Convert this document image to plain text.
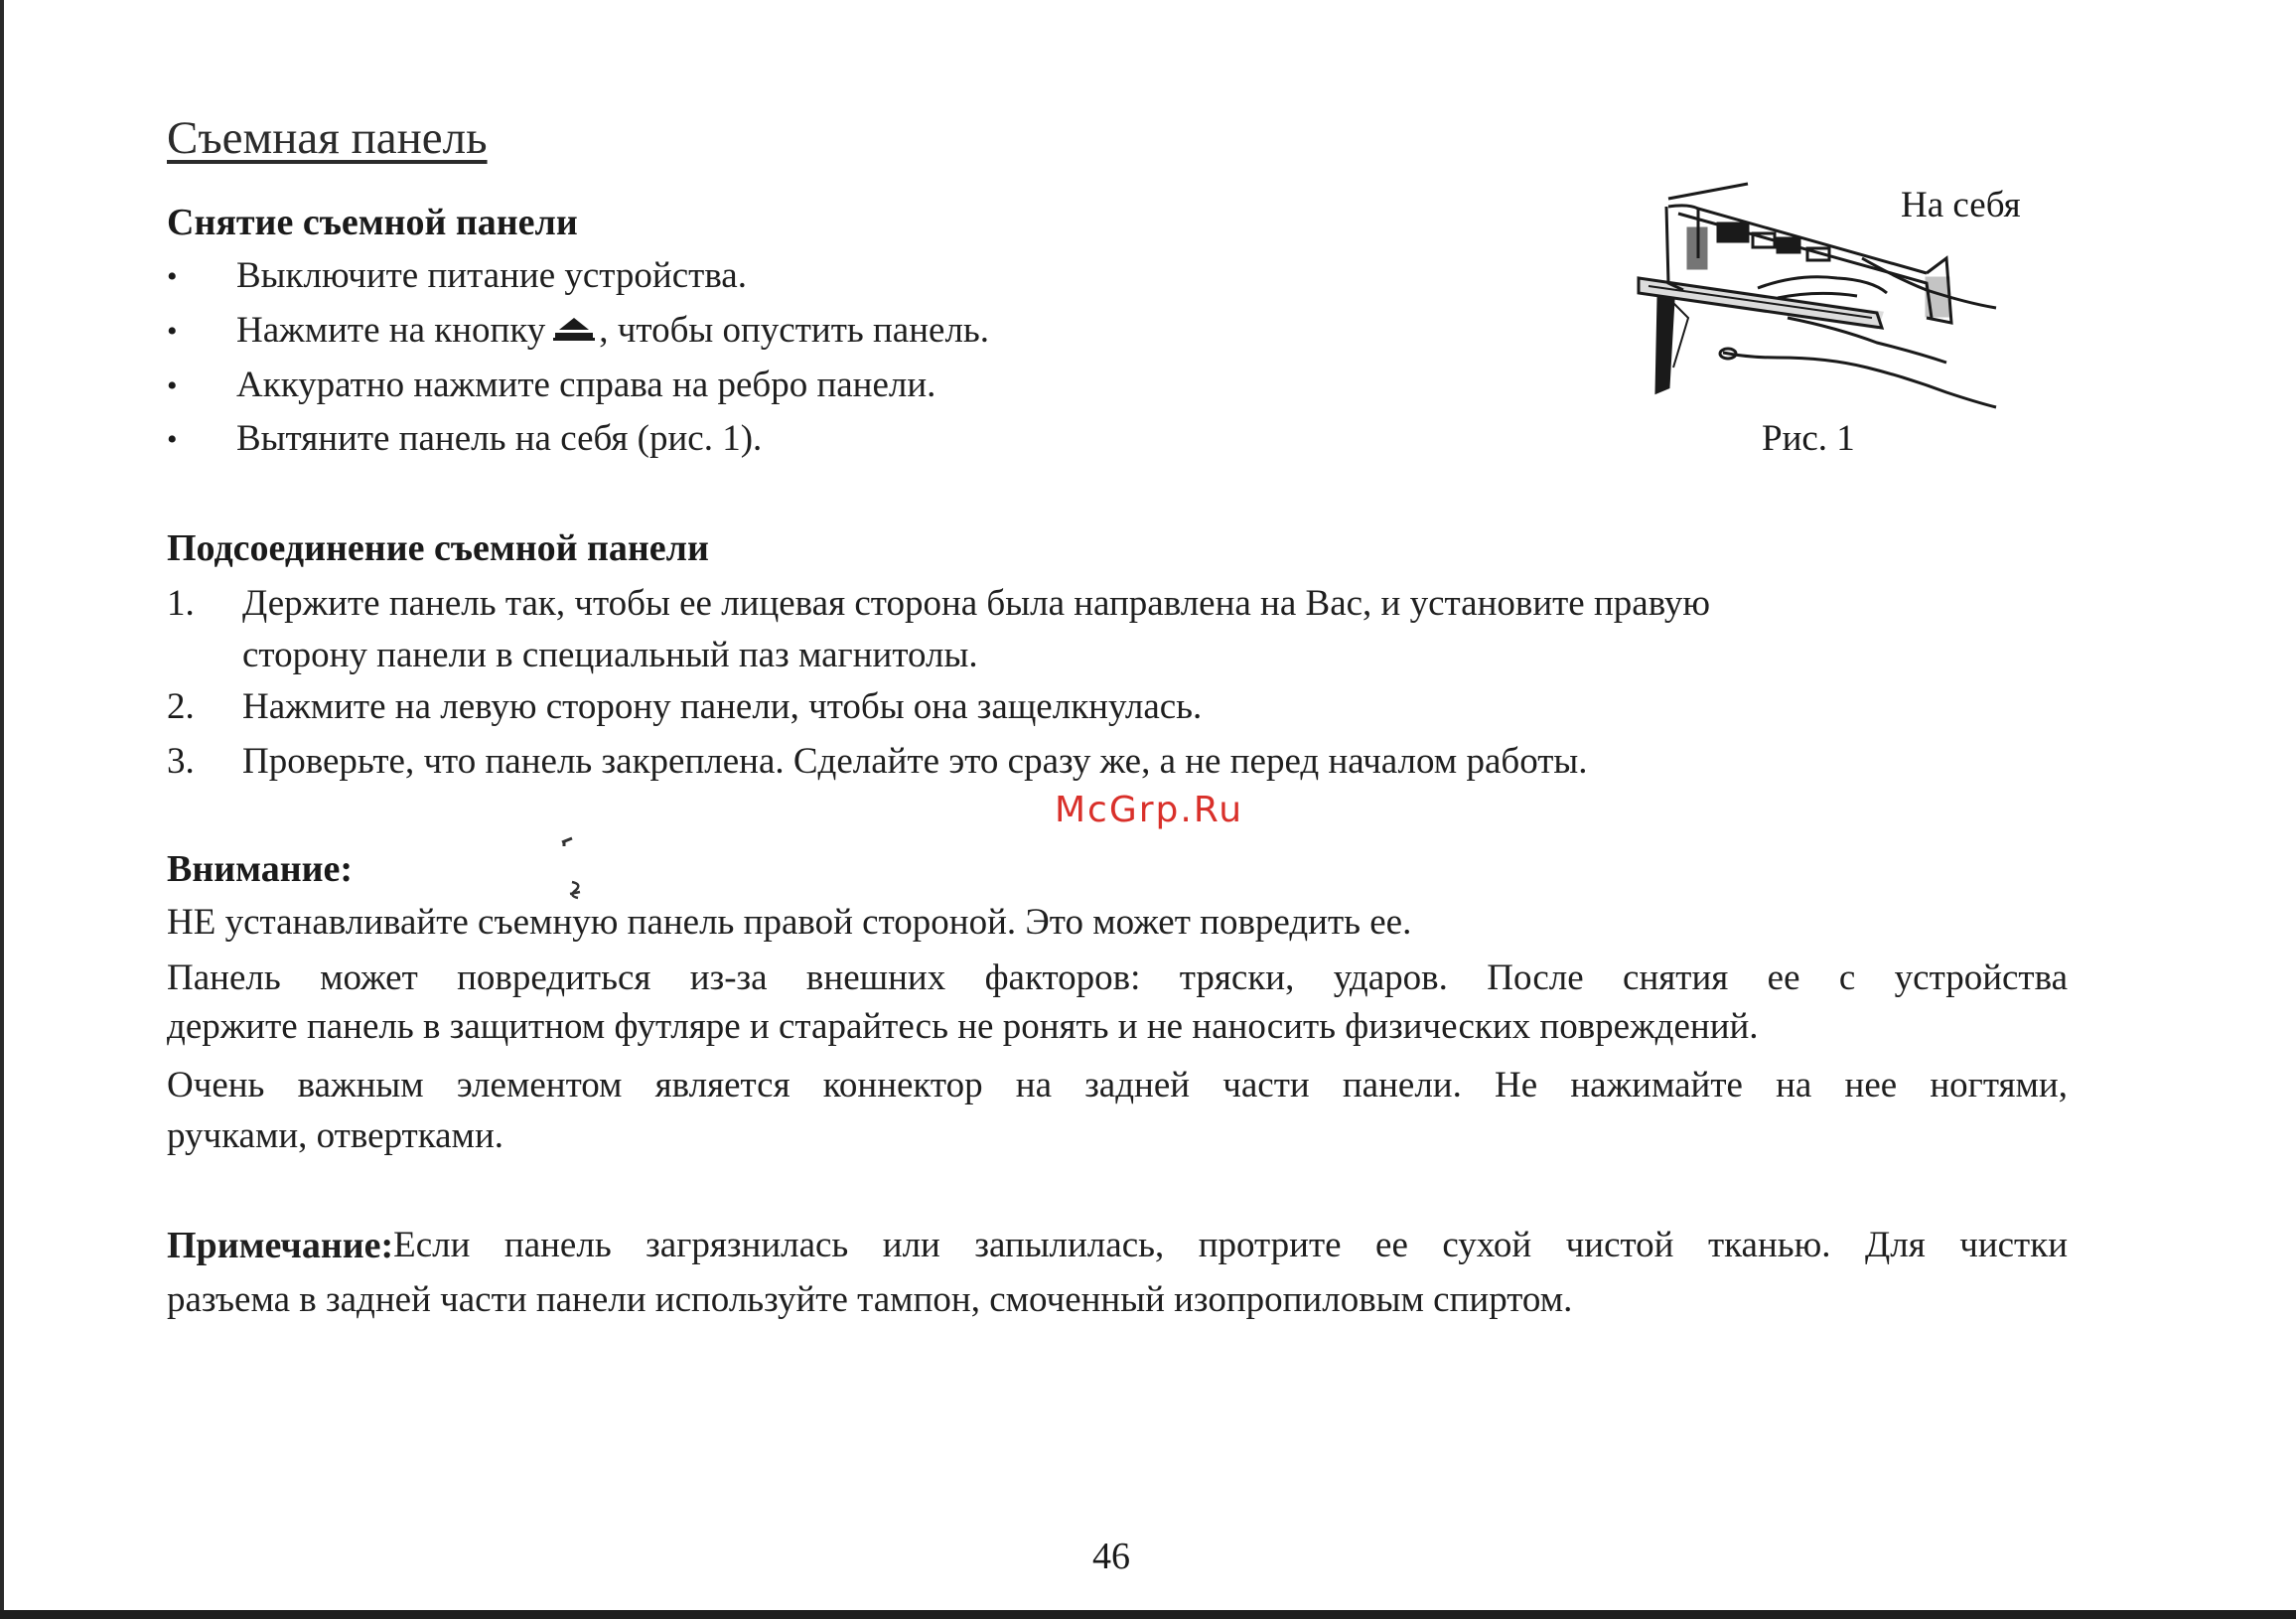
Съемная панель
Снятие съемной панели
• Выключите питание устройства.
• Нажмите на кнопку , чтобы опустить панель.
• Аккуратно нажмите справа на ребро панели.
• Вытяните панель на себя (рис. 1).
На себя
Рис. 1
Подсоединение съемной панели
1. Держите панель так, чтобы ее лицевая сторона была направлена на Вас, и установите правую
сторону панели в специальный паз магнитолы.
2. Нажмите на левую сторону панели, чтобы она защелкнулась.
3. Проверьте, что панель закреплена. Сделайте это сразу же, а не перед началом работы.
McGrp.Ru
Внимание:
НЕ устанавливайте съемную панель правой стороной. Это может повредить ее.
Панель может повредиться из-за внешних факторов: тряски, ударов. После снятия ее с устройства
держите панель в защитном футляре и старайтесь не ронять и не наносить физических повреждений.
Очень важным элементом является коннектор на задней части панели. Не нажимайте на нее ногтями,
ручками, отвертками.
Примечание: Если панель загрязнилась или запылилась, протрите ее сухой чистой тканью. Для чистки
разъема в задней части панели используйте тампон, смоченный изопропиловым спиртом.
46
